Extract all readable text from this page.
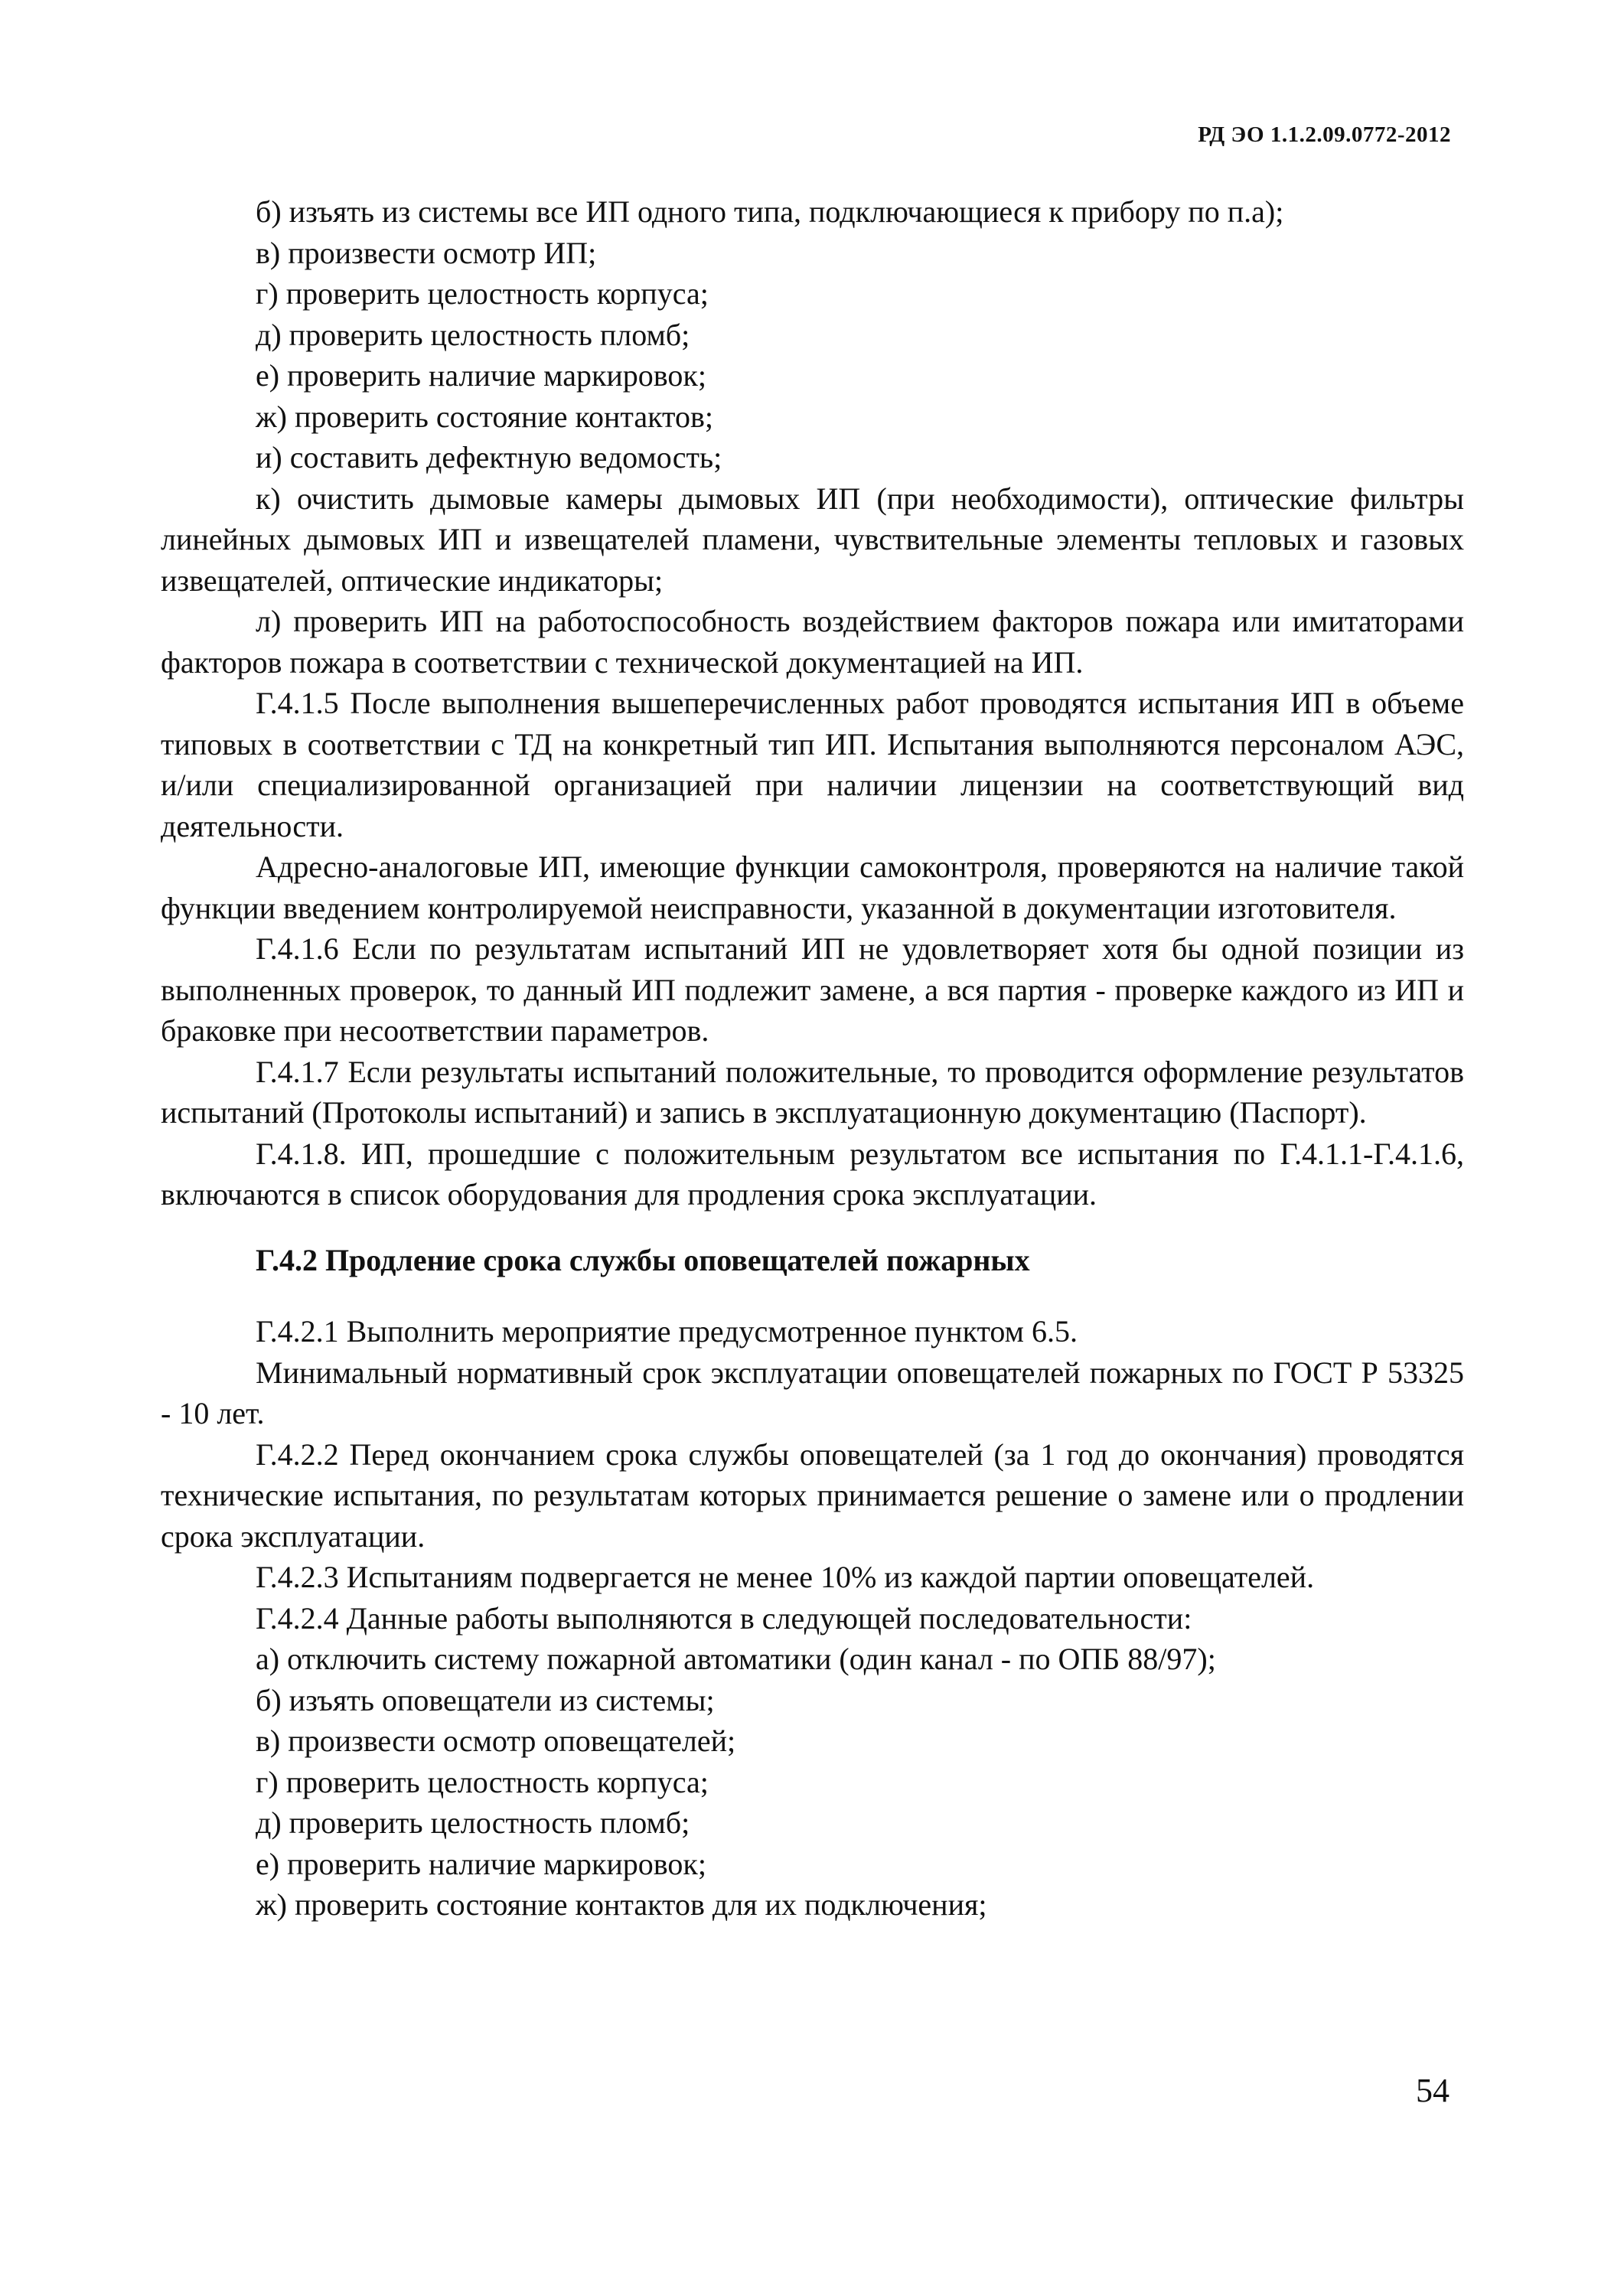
РД ЭО 1.1.2.09.0772-2012

б) изъять из системы все ИП одного типа, подключающиеся к прибору по п.а);

в) произвести осмотр ИП;

г) проверить целостность корпуса;

д) проверить целостность пломб;

е) проверить наличие маркировок;

ж) проверить состояние контактов;

и) составить дефектную ведомость;

к) очистить дымовые камеры дымовых ИП (при необходимости), оптические фильтры линейных дымовых ИП и извещателей пламени, чувствительные элементы тепловых и газовых извещателей, оптические индикаторы;

л) проверить ИП на работоспособность воздействием факторов пожара или имитаторами факторов пожара в соответствии с технической документацией на ИП.

Г.4.1.5 После выполнения вышеперечисленных работ проводятся испытания ИП в объеме типовых в соответствии с ТД на конкретный тип ИП. Испытания выполняются персоналом АЭС, и/или специализированной организацией при наличии лицензии на соответствующий вид деятельности.

Адресно-аналоговые ИП, имеющие функции самоконтроля, проверяются на наличие такой функции введением контролируемой неисправности, указанной в документации изготовителя.

Г.4.1.6 Если по результатам испытаний ИП не удовлетворяет хотя бы одной позиции из выполненных проверок, то данный ИП подлежит замене, а вся партия - проверке каждого из ИП и браковке при несоответствии параметров.

Г.4.1.7 Если результаты испытаний положительные, то проводится оформление результатов испытаний (Протоколы испытаний) и запись в эксплуатационную документацию (Паспорт).

Г.4.1.8. ИП, прошедшие с положительным результатом все испытания по Г.4.1.1-Г.4.1.6, включаются в список оборудования для продления срока эксплуатации.

Г.4.2 Продление срока службы оповещателей пожарных

Г.4.2.1 Выполнить мероприятие предусмотренное пунктом 6.5.

Минимальный нормативный срок эксплуатации оповещателей пожарных по ГОСТ Р 53325 - 10 лет.

Г.4.2.2 Перед окончанием срока службы оповещателей (за 1 год до окончания) проводятся технические испытания, по результатам которых принимается решение о замене или о продлении срока эксплуатации.

Г.4.2.3 Испытаниям подвергается не менее 10% из каждой партии оповещателей.

Г.4.2.4 Данные работы выполняются в следующей последовательности:

а) отключить систему пожарной автоматики (один канал - по ОПБ 88/97);

б) изъять оповещатели из системы;

в) произвести осмотр оповещателей;

г) проверить целостность корпуса;

д) проверить целостность пломб;

е) проверить наличие маркировок;

ж) проверить состояние контактов для их подключения;

54
